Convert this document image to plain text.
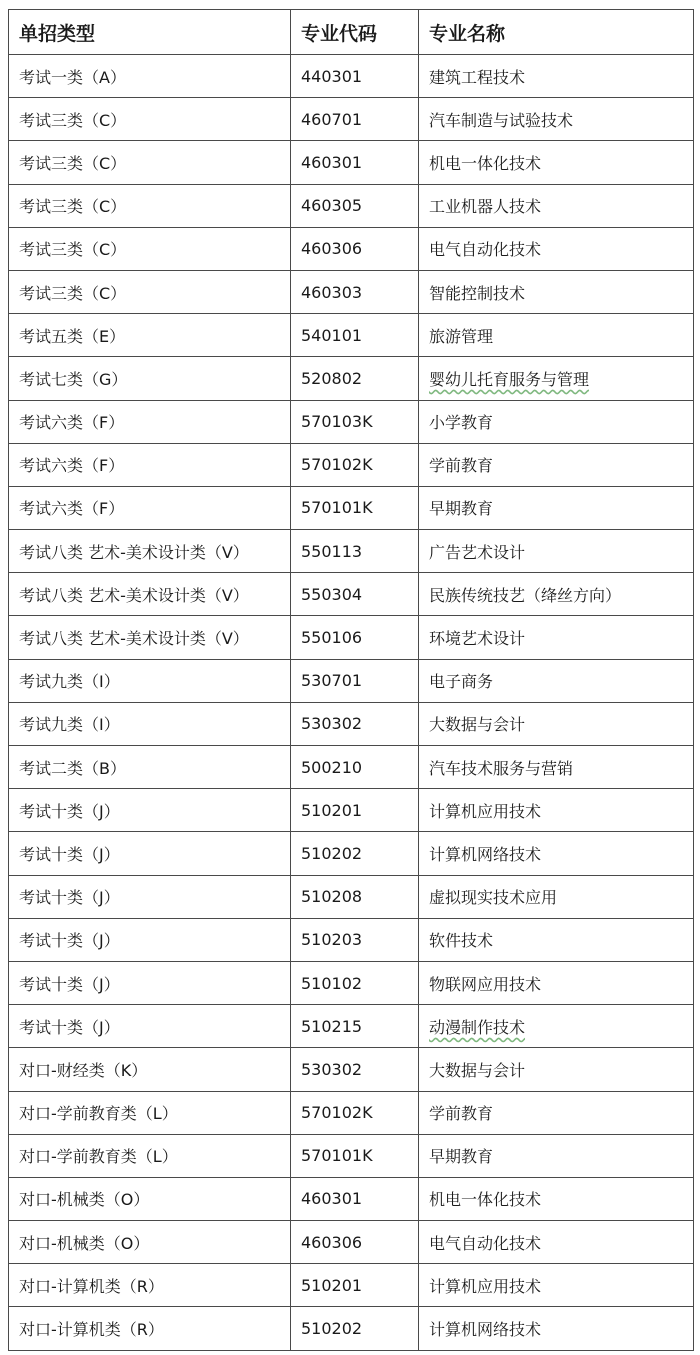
单招类型	专业代码	专业名称
考试一类（A）	440301	建筑工程技术
考试三类（C）	460701	汽车制造与试验技术
考试三类（C）	460301	机电一体化技术
考试三类（C）	460305	工业机器人技术
考试三类（C）	460306	电气自动化技术
考试三类（C）	460303	智能控制技术
考试五类（E）	540101	旅游管理
考试七类（G）	520802	婴幼儿托育服务与管理
考试六类（F）	570103K	小学教育
考试六类（F）	570102K	学前教育
考试六类（F）	570101K	早期教育
考试八类 艺术-美术设计类（V）	550113	广告艺术设计
考试八类 艺术-美术设计类（V）	550304	民族传统技艺（绛丝方向）
考试八类 艺术-美术设计类（V）	550106	环境艺术设计
考试九类（I）	530701	电子商务
考试九类（I）	530302	大数据与会计
考试二类（B）	500210	汽车技术服务与营销
考试十类（J）	510201	计算机应用技术
考试十类（J）	510202	计算机网络技术
考试十类（J）	510208	虚拟现实技术应用
考试十类（J）	510203	软件技术
考试十类（J）	510102	物联网应用技术
考试十类（J）	510215	动漫制作技术
对口-财经类（K）	530302	大数据与会计
对口-学前教育类（L）	570102K	学前教育
对口-学前教育类（L）	570101K	早期教育
对口-机械类（O）	460301	机电一体化技术
对口-机械类（O）	460306	电气自动化技术
对口-计算机类（R）	510201	计算机应用技术
对口-计算机类（R）	510202	计算机网络技术
